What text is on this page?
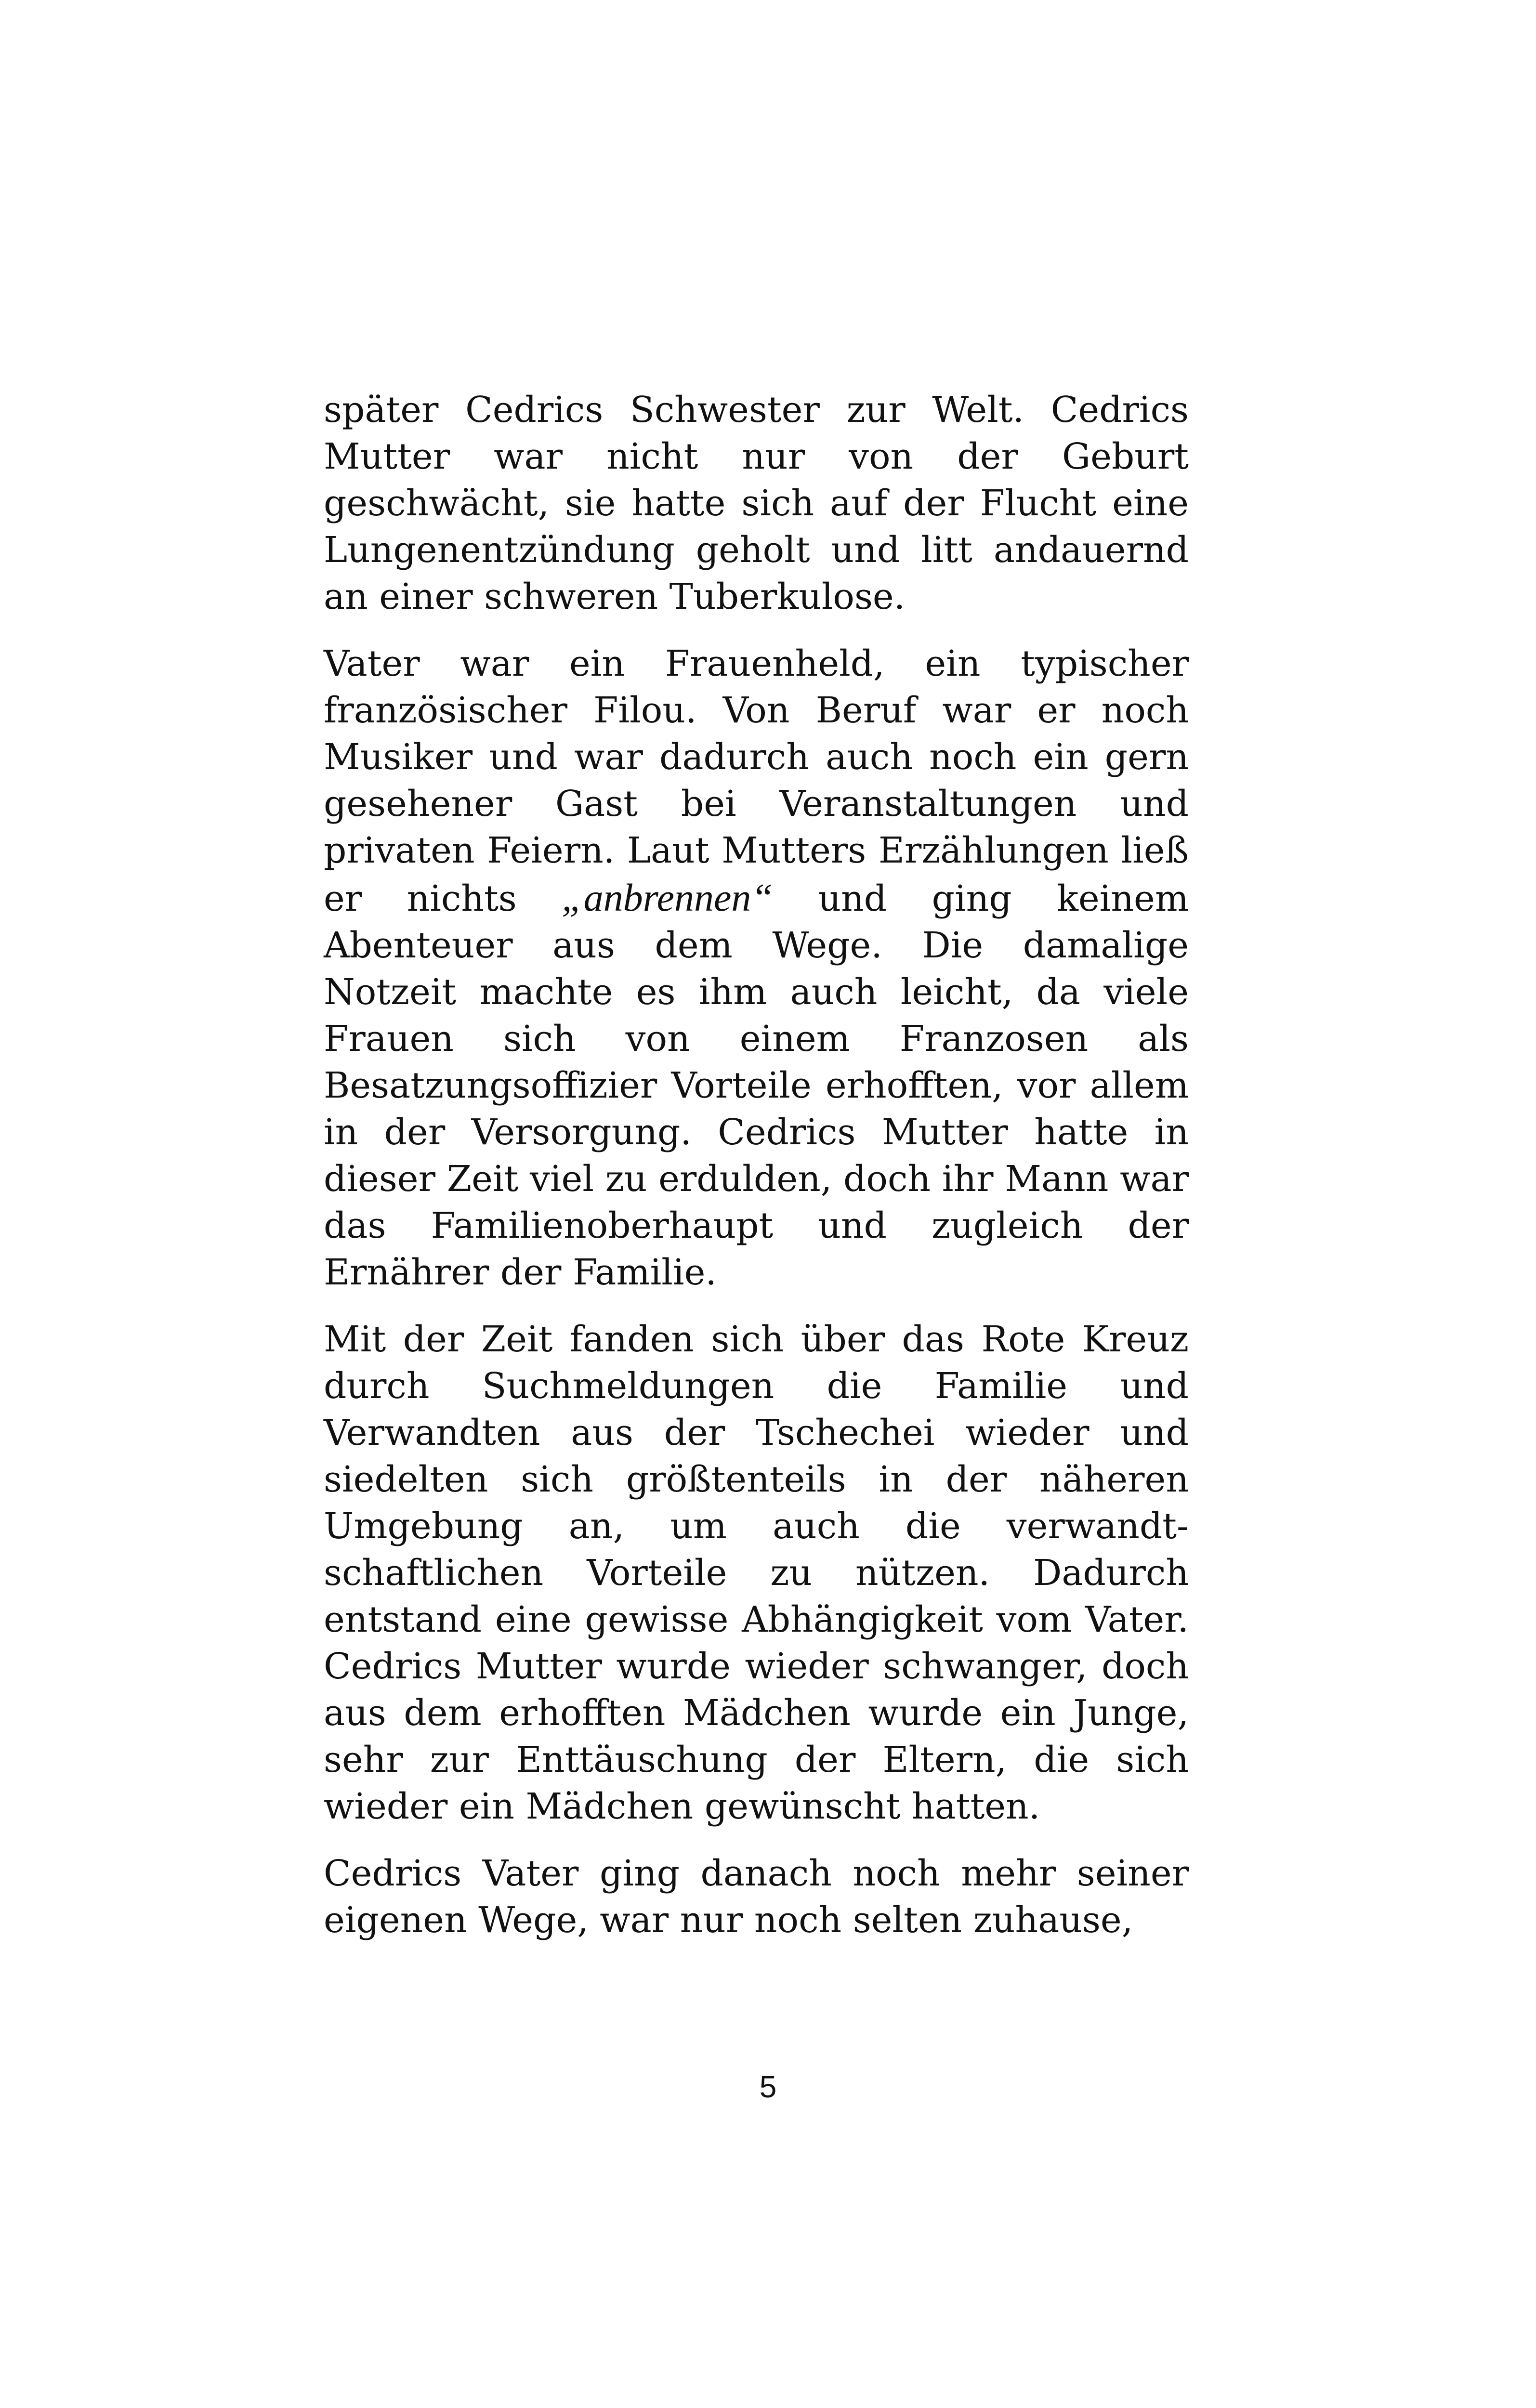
später Cedrics Schwester zur Welt. Cedrics Mutter war nicht nur von der Geburt geschwächt, sie hatte sich auf der Flucht eine Lungenentzündung geholt und litt andauernd an einer schweren Tuberkulose.

Vater war ein Frauenheld, ein typischer französischer Filou. Von Beruf war er noch Musiker und war dadurch auch noch ein gern gesehener Gast bei Veranstaltungen und privaten Feiern. Laut Mutters Erzählungen ließ er nichts „anbrennen“ und ging keinem Abenteuer aus dem Wege. Die damalige Notzeit machte es ihm auch leicht, da viele Frauen sich von einem Franzosen als Besatzungsoffizier Vorteile erhofften, vor allem in der Versorgung. Cedrics Mutter hatte in dieser Zeit viel zu erdulden, doch ihr Mann war das Familienoberhaupt und zugleich der Ernährer der Familie.

Mit der Zeit fanden sich über das Rote Kreuz durch Suchmeldungen die Familie und Verwandten aus der Tschechei wieder und siedelten sich größtenteils in der näheren Umgebung an, um auch die verwandtschaftlichen Vorteile zu nützen. Dadurch entstand eine gewisse Abhängigkeit vom Vater. Cedrics Mutter wurde wieder schwanger, doch aus dem erhofften Mädchen wurde ein Junge, sehr zur Enttäuschung der Eltern, die sich wieder ein Mädchen gewünscht hatten.

Cedrics Vater ging danach noch mehr seiner eigenen Wege, war nur noch selten zuhause,

5
